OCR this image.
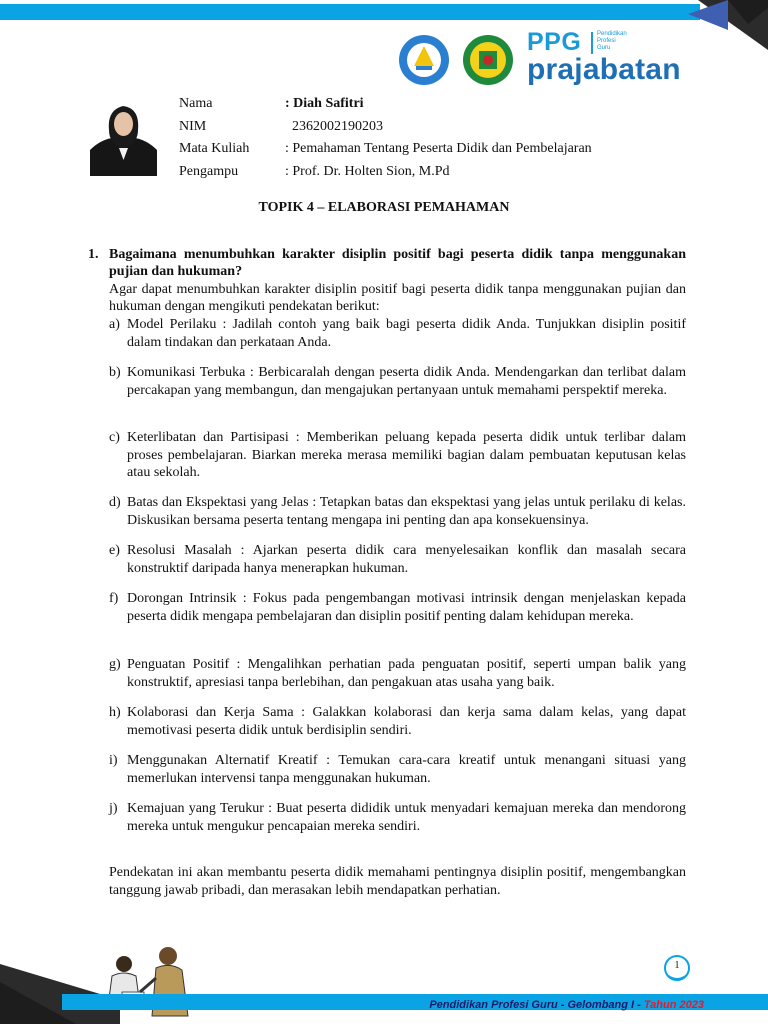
PPG	Pendidikan
Profesi
Guru
prajabatan
Nama	: Diah Safitri
NIM	2362002190203
Mata Kuliah	: Pemahaman Tentang Peserta Didik dan Pembelajaran
Pengampu	: Prof. Dr. Holten Sion, M.Pd
TOPIK 4 – ELABORASI PEMAHAMAN
1. Bagaimana menumbuhkan karakter disiplin positif bagi peserta didik tanpa menggunakan pujian dan hukuman?
Agar dapat menumbuhkan karakter disiplin positif bagi peserta didik tanpa menggunakan pujian dan hukuman dengan mengikuti pendekatan berikut:
a) Model Perilaku : Jadilah contoh yang baik bagi peserta didik Anda. Tunjukkan disiplin positif dalam tindakan dan perkataan Anda.
b) Komunikasi Terbuka : Berbicaralah dengan peserta didik Anda. Mendengarkan dan terlibat dalam percakapan yang membangun, dan mengajukan pertanyaan untuk memahami perspektif mereka.
c) Keterlibatan dan Partisipasi : Memberikan peluang kepada peserta didik untuk terlibar dalam proses pembelajaran. Biarkan mereka merasa memiliki bagian dalam pembuatan keputusan kelas atau sekolah.
d) Batas dan Ekspektasi yang Jelas : Tetapkan batas dan ekspektasi yang jelas untuk perilaku di kelas. Diskusikan bersama peserta tentang mengapa ini penting dan apa konsekuensinya.
e) Resolusi Masalah : Ajarkan peserta didik cara menyelesaikan konflik dan masalah secara konstruktif daripada hanya menerapkan hukuman.
f) Dorongan Intrinsik : Fokus pada pengembangan motivasi intrinsik dengan menjelaskan kepada peserta didik mengapa pembelajaran dan disiplin positif penting dalam kehidupan mereka.
g) Penguatan Positif : Mengalihkan perhatian pada penguatan positif, seperti umpan balik yang konstruktif, apresiasi tanpa berlebihan, dan pengakuan atas usaha yang baik.
h) Kolaborasi dan Kerja Sama : Galakkan kolaborasi dan kerja sama dalam kelas, yang dapat memotivasi peserta didik untuk berdisiplin sendiri.
i) Menggunakan Alternatif Kreatif : Temukan cara-cara kreatif untuk menangani situasi yang memerlukan intervensi tanpa menggunakan hukuman.
j) Kemajuan yang Terukur : Buat peserta dididik untuk menyadari kemajuan mereka dan mendorong mereka untuk mengukur pencapaian mereka sendiri.
Pendekatan ini akan membantu peserta didik memahami pentingnya disiplin positif, mengembangkan tanggung jawab pribadi, dan merasakan lebih mendapatkan perhatian.
Pendidikan Profesi Guru - Gelombang I - Tahun 2023
1
